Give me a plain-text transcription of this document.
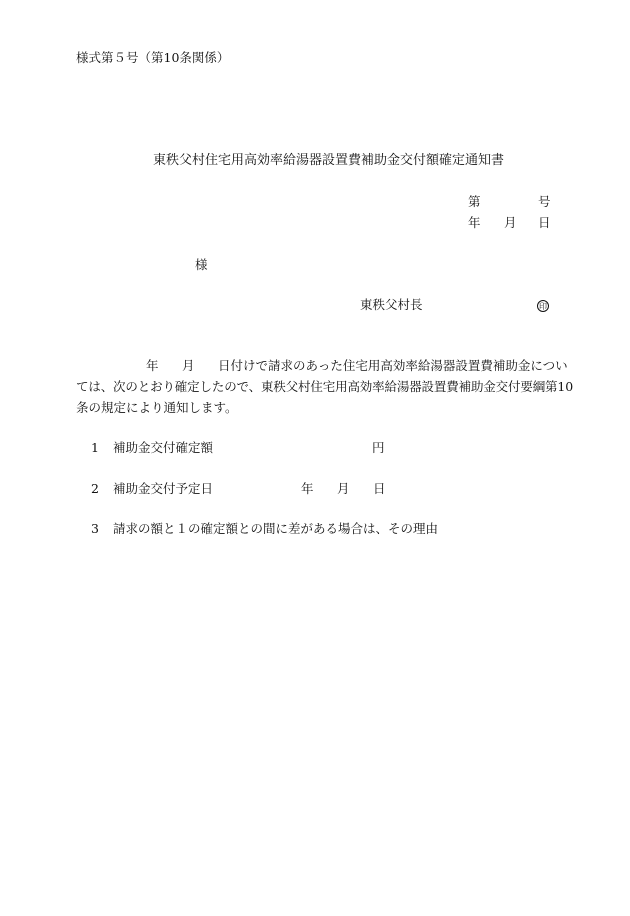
様式第５号（第10条関係）
東秩父村住宅用高効率給湯器設置費補助金交付額確定通知書
第	号
年 月 日
様
東秩父村長	印
年 月 日付けで請求のあった住宅用高効率給湯器設置費補助金につい
ては、次のとおり確定したので、東秩父村住宅用高効率給湯器設置費補助金交付要綱第10
条の規定により通知します。
1 補助金交付確定額	円
2 補助金交付予定日	年 月 日
3 請求の額と１の確定額との間に差がある場合は、その理由
